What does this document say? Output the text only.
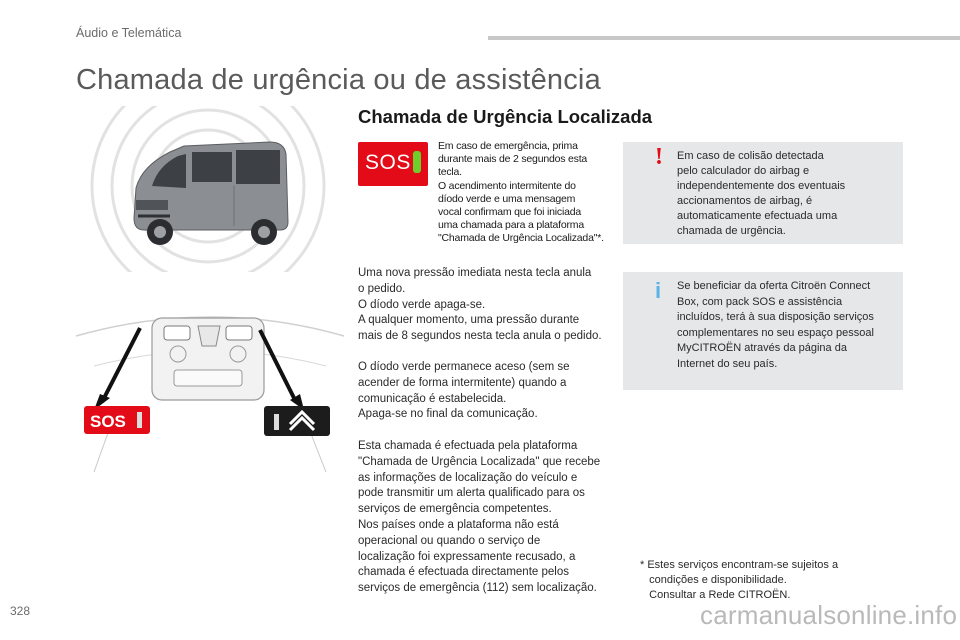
Áudio e Telemática
Chamada de urgência ou de assistência
SOS
Chamada de Urgência Localizada
SOS
Em caso de emergência, prima
durante mais de 2 segundos esta
tecla.
O acendimento intermitente do
díodo verde e uma mensagem
vocal confirmam que foi iniciada
uma chamada para a plataforma
"Chamada de Urgência Localizada"*.
Uma nova pressão imediata nesta tecla anula
o pedido.
O díodo verde apaga-se.
A qualquer momento, uma pressão durante
mais de 8 segundos nesta tecla anula o pedido.
O díodo verde permanece aceso (sem se
acender de forma intermitente) quando a
comunicação é estabelecida.
Apaga-se no final da comunicação.
Esta chamada é efectuada pela plataforma
"Chamada de Urgência Localizada" que recebe
as informações de localização do veículo e
pode transmitir um alerta qualificado para os
serviços de emergência competentes.
Nos países onde a plataforma não está
operacional ou quando o serviço de
localização foi expressamente recusado, a
chamada é efectuada directamente pelos
serviços de emergência (112) sem localização.
! Em caso de colisão detectada
pelo calculador do airbag e
independentemente dos eventuais
accionamentos de airbag, é
automaticamente efectuada uma
chamada de urgência.
i Se beneficiar da oferta Citroën Connect
Box, com pack SOS e assistência
incluídos, terá à sua disposição serviços
complementares no seu espaço pessoal
MyCITROËN através da página da
Internet do seu país.
* Estes serviços encontram-se sujeitos a
condições e disponibilidade.
Consultar a Rede CITROËN.
328	carmanualsonline.info
